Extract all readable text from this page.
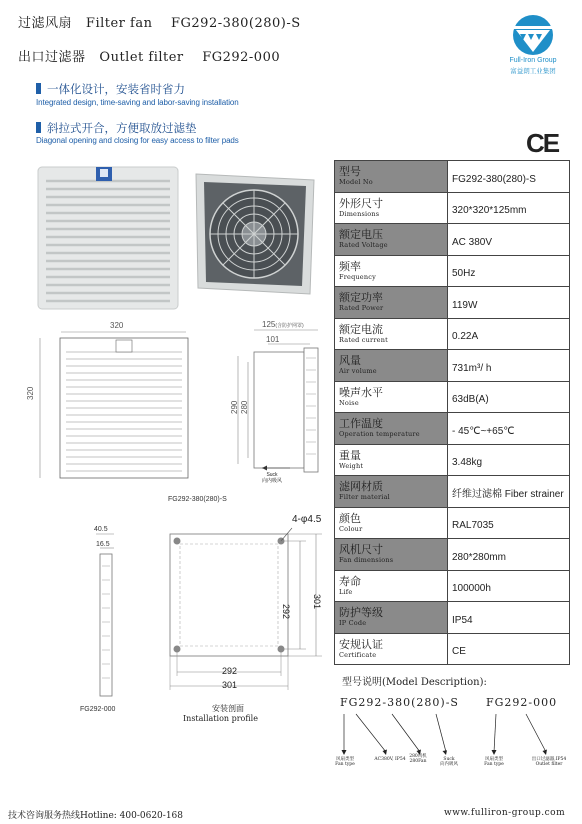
过滤风扇 Filter fan FG292-380(280)-S
出口过滤器 Outlet filter FG292-000	Full-Iron Group
富益朗工业集团
一体化设计，安装省时省力
Integrated design, time-saving and labor-saving installation
斜拉式开合，方便取放过滤垫
Diagonal opening and closing for easy access to filter pads	CE
320
320
125(含防护网罩)
101
290 280
Suck
向内吸风
FG292-380(280)-S
40.5
16.5
FG292-000
4-φ4.5
292
301
292
301
安装剖面
Installation profile
型号
Model No	FG292-380(280)-S

外形尺寸
Dimensions	320*320*125mm

额定电压
Rated Voltage	AC 380V

频率
Frequency	50Hz

额定功率
Rated Power	119W

额定电流
Rated current	0.22A

风量
Air volume	731m³/ h

噪声水平
Noise	63dB(A)

工作温度
Operation temperature	- 45℃~+65℃

重量
Weight	3.48kg

滤网材质
Filter material	纤维过滤棉 Fiber strainer

颜色
Colour	RAL7035

风机尺寸
Fan dimensions	280*280mm

寿命
Life	100000h

防护等级
IP Code	IP54

安规认证
Certificate	CE
型号说明(Model Description):
FG292-380(280)-S FG292-000
风扇类型
Fan type
AC380V, IP54
280风机
280Fan	Suck
向内吸风
风扇类型
Fan type
出口过滤器,IP54
Outlet filter
技术咨询服务热线Hotline: 400-0620-168	www.fulliron-group.com
